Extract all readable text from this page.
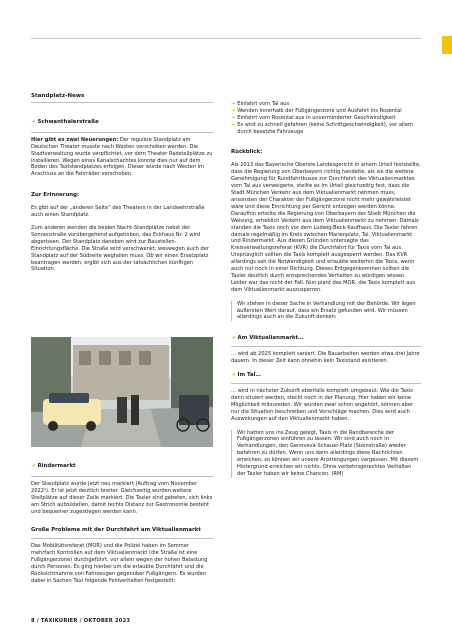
Standplatz-News
➔ Schwanthalerstraße

Hier gibt es zwei Neuerungen: Der reguläre Standplatz am Deutschen Theater musste nach Westen verschoben werden. Die Stadtverwaltung wurde verpflichtet, vor dem Theater Radstellplätze zu installieren. Wegen eines Kanalschachtes konnte dies nur auf dem Boden des Taxistandplatzes erfolgen. Dieser wurde nach Westen im Anschluss an die Fahrräder verschoben.

Zur Erinnerung:

Es gibt auf der „anderen Seite“ des Theaters in der Landwehrstraße auch einen Standplatz.

Zum anderen wenden die beiden Nacht-Standplätze nebst der Sonnenstraße vorübergehend aufgehoben, das Eckhaus Nr. 2 wird abgerissen. Der Standplatz daneben wird zur Baustellen-Einrichtungsfläche. Die Straße wird verschwenkt, weswegen auch der Standplatz auf der Südseite wegfallen muss. Ob wir einen Ersatzplatz beantragen werden, ergibt sich aus der tatsächlichen künftigen Situation.

➔ Rindermarkt

Der Standplatz wurde jetzt neu markiert (Auftrag vom November 2022!). Er ist jetzt deutlich breiter. Gleichzeitig wurden weitere Stellplätze auf dieser Zeile markiert. Die Taxler sind gebeten, sich links am Strich aufzustellen, damit rechts Distanz zur Gastronomie besteht und bequemer zugestiegen werden kann.

Große Probleme mit der Durchfahrt am Viktualienmarkt

Das Mobilitätsreferat (MOR) und die Polizei haben im Sommer mehrfach Kontrollen auf dem Viktualienmarkt (die Straße ist eine Fußgängerzone) durchgeführt, vor allem wegen der hohen Belastung durch Personen. Es ging hierbei um die erlaubte Durchfahrt und die Rücksichtnahme von Fahrzeugen gegenüber Fußgängern. Es wurden dabei in Sachen Taxi folgende Fehlverhalten festgestellt:

➔ Einfahrt vom Tal aus
➔ Wenden innerhalb der Fußgängerzone und Ausfahrt ins Rosental
➔ Einfahrt vom Rosental aus in unverminderter Geschwindigkeit
➔ Es wird zu schnell gefahren (keine Schrittgeschwindigkeit), vor allem durch besetzte Fahrzeuge

Rückblick:

Als 2013 das Bayerische Oberste Landesgericht in einem Urteil feststellte, dass die Regierung von Oberbayern richtig handelte, als sie die weitere Genehmigung für Rundfahrtbusse zur Durchfahrt des Viktualienmarktes vom Tal aus verweigerte, stellte es im Urteil gleichzeitig fest, dass die Stadt München Verkehr aus dem Viktualienmarkt nehmen muss, ansonsten der Charakter der Fußgängerzone nicht mehr gewährleistet wäre und diese Einrichtung per Gericht entzogen werden könne. Daraufhin erteilte die Regierung von Oberbayern der Stadt München die Weisung, erheblich Verkehr aus dem Viktualienmarkt zu nehmen. Damals standen die Taxis noch vor dem Ludwig-Beck-Kaufhaus. Die Taxler fahren damals regelmäßig im Kreis zwischen Marienplatz, Tal, Viktualienmarkt und Rindermarkt. Aus diesen Gründen untersagte das Kreisverwaltungsreferat (KVR) die Durchfahrt für Taxis vom Tal aus. Ursprünglich sollten die Taxis komplett ausgesperrt werden. Das KVR allerdings sah die Notwendigkeit und erlaubte weiterhin die Taxis, wenn auch nur noch in einer Richtung. Dieses Entgegenkommen sollten die Taxler deutlich durch entsprechendes Verhalten zu würdigen wissen. Leider war das nicht der Fall. Nun plant das MOR, die Taxis komplett aus dem Viktualienmarkt auszusperren.

Wir stehen in dieser Sache in Verhandlung mit der Behörde. Wir legen äußersten Wert darauf, dass ein Ersatz gefunden wird. Wir müssen allerdings auch an die Zukunft denken:

➔ Am Viktualienmarkt…

… wird ab 2025 komplett saniert. Die Bauarbeiten werden etwa drei Jahre dauern. In dieser Zeit kann ohnehin kein Taxistand existieren.

➔ Im Tal…

… wird in nächster Zukunft ebenfalls komplett umgebaut. Wie die Taxis dann situiert werden, steckt noch in der Planung. Hier haben wir keine Möglichkeit mitzureden. Wir wurden zwar schon angehört, können aber nur die Situation beschreiben und Vorschläge machen. Dies wird auch Auswirkungen auf den Viktualienmarkt haben.

Wir hatten uns ins Zeug gelegt, Taxis in die Randbereiche der Fußgängerzonen einführen zu lassen. Wir sind auch noch in Verhandlungen, den Genovevа-Schauer-Platz (Steinstraße) wieder befahren zu dürfen. Wenn uns dann allerdings diese Nachrichten erreichen, so können wir unsere Anstrengungen vergessen. Mit diesem Hintergrund erreichen wir nichts. Ohne verkehrsgerechtes Verhalten der Taxler haben wir keine Chancen. (RM)

8 / TAXIKURIER / OKTOBER 2023
